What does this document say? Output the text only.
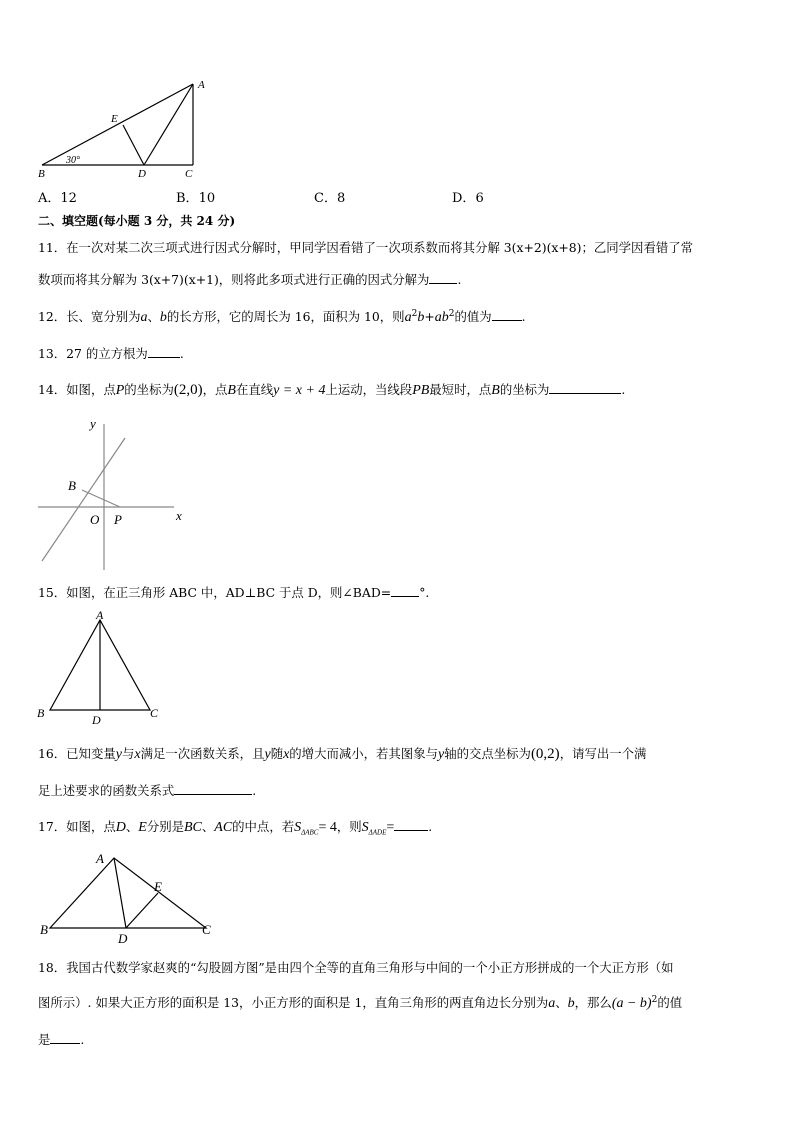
A
E
B	D	C
30°
A．12	B．10	C．8	D．6
二、填空题(每小题 3 分，共 24 分)
11．在一次对某二次三项式进行因式分解时，甲同学因看错了一次项系数而将其分解 3(x+2)(x+8)；乙同学因看错了常
数项而将其分解为 3(x+7)(x+1)，则将此多项式进行正确的因式分解为 .
12．长、宽分别为a、b的长方形，它的周长为 16，面积为 10，则$a^2b+ab^2$的值为 .
13．27 的立方根为	.
14．如图，点P的坐标为(2,0)，点B在直线y = x + 4上运动，当线段PB最短时，点B的坐标为	.
y
x
O P
B
15．如图，在正三角形 ABC 中，AD⊥BC 于点 D，则∠BAD= °.
A
B	D	C
16．已知变量y与x满足一次函数关系，且y随x的增大而减小，若其图象与y轴的交点坐标为(0,2)，请写出一个满
足上述要求的函数关系式	.
17．如图，点D、E分别是BC、AC的中点，若$S_{\Delta ABC}= 4$，则$S_{\Delta ADE}=$	.
A
E
B
D
C
18．我国古代数学家赵爽的“勾股圆方图”是由四个全等的直角三角形与中间的一个小正方形拼成的一个大正方形（如
图所示）. 如果大正方形的面积是 13，小正方形的面积是 1，直角三角形的两直角边长分别为a、b，那么$(a - b)^2$的值
是 .
